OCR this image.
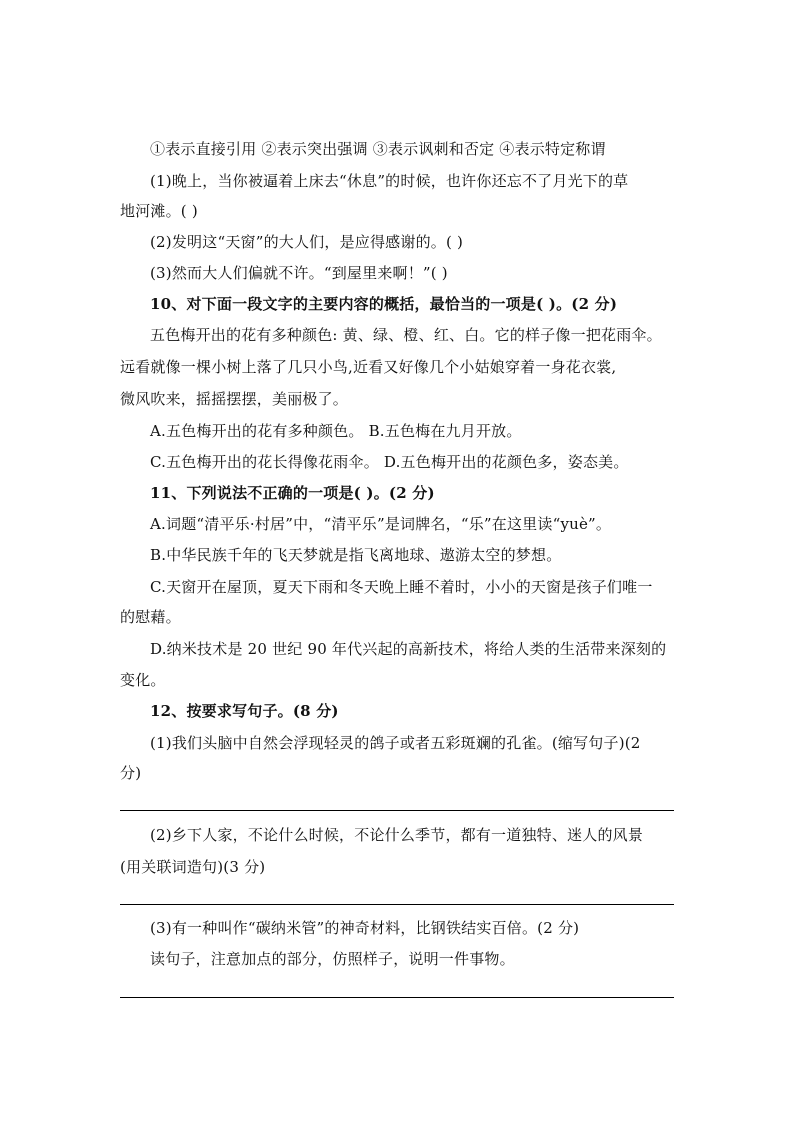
①表示直接引用 ②表示突出强调 ③表示讽刺和否定 ④表示特定称谓
(1)晚上，当你被逼着上床去“休息”的时候，也许你还忘不了月光下的草
地河滩。( )
(2)发明这“天窗”的大人们，是应得感谢的。( )
(3)然而大人们偏就不许。“到屋里来啊！”( )
10、对下面一段文字的主要内容的概括，最恰当的一项是( )。(2 分)
五色梅开出的花有多种颜色: 黄、绿、橙、红、白。它的样子像一把花雨伞。
远看就像一棵小树上落了几只小鸟,近看又好像几个小姑娘穿着一身花衣裳,
微风吹来，摇摇摆摆，美丽极了。
A.五色梅开出的花有多种颜色。 B.五色梅在九月开放。
C.五色梅开出的花长得像花雨伞。 D.五色梅开出的花颜色多，姿态美。
11、下列说法不正确的一项是( )。(2 分)
A.词题“清平乐·村居”中，“清平乐”是词牌名，“乐”在这里读“yuè”。
B.中华民族千年的飞天梦就是指飞离地球、遨游太空的梦想。
C.天窗开在屋顶，夏天下雨和冬天晚上睡不着时，小小的天窗是孩子们唯一
的慰藉。
D.纳米技术是 20 世纪 90 年代兴起的高新技术，将给人类的生活带来深刻的
变化。
12、按要求写句子。(8 分)
(1)我们头脑中自然会浮现轻灵的鸽子或者五彩斑斓的孔雀。(缩写句子)(2
分)
(2)乡下人家，不论什么时候，不论什么季节，都有一道独特、迷人的风景
(用关联词造句)(3 分)
(3)有一种叫作“碳纳米管”的神奇材料，比钢铁结实百倍。(2 分)
读句子，注意加点的部分，仿照样子，说明一件事物。
